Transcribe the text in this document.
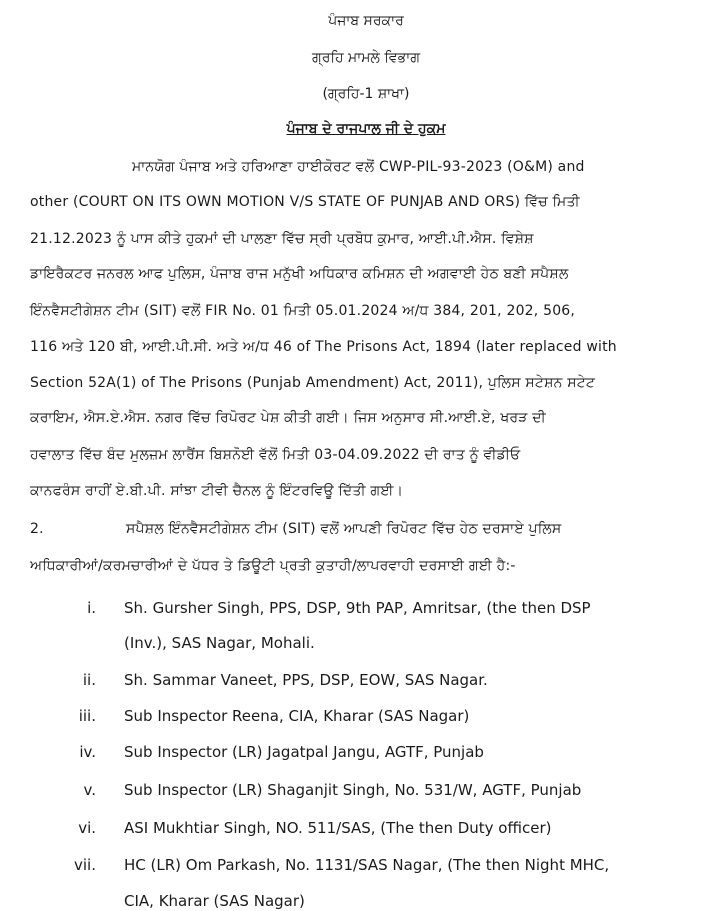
ਪੰਜਾਬ ਸਰਕਾਰ
ਗ੍ਰਹਿ ਮਾਮਲੇ ਵਿਭਾਗ
(ਗ੍ਰਹਿ-1 ਸ਼ਾਖਾ)
ਪੰਜਾਬ ਦੇ ਰਾਜਪਾਲ ਜੀ ਦੇ ਹੁਕਮ
ਮਾਨਯੋਗ ਪੰਜਾਬ ਅਤੇ ਹਰਿਆਣਾ ਹਾਈਕੋਰਟ ਵਲੋਂ CWP-PIL-93-2023 (O&M) and
other (COURT ON ITS OWN MOTION V/S STATE OF PUNJAB AND ORS) ਵਿੱਚ ਮਿਤੀ
21.12.2023 ਨੂੰ ਪਾਸ ਕੀਤੇ ਹੁਕਮਾਂ ਦੀ ਪਾਲਣਾ ਵਿੱਚ ਸ੍ਰੀ ਪ੍ਰਬੋਧ ਕੁਮਾਰ, ਆਈ.ਪੀ.ਐਸ. ਵਿਸ਼ੇਸ਼
ਡਾਇਰੈਕਟਰ ਜਨਰਲ ਆਫ ਪੁਲਿਸ, ਪੰਜਾਬ ਰਾਜ ਮਨੁੱਖੀ ਅਧਿਕਾਰ ਕਮਿਸ਼ਨ ਦੀ ਅਗਵਾਈ ਹੇਠ ਬਣੀ ਸਪੈਸ਼ਲ
ਇੰਨਵੈਸਟੀਗੇਸ਼ਨ ਟੀਮ (SIT) ਵਲੋਂ FIR No. 01 ਮਿਤੀ 05.01.2024 ਅ/ਧ 384, 201, 202, 506,
116 ਅਤੇ 120 ਬੀ, ਆਈ.ਪੀ.ਸੀ. ਅਤੇ ਅ/ਧ 46 of The Prisons Act, 1894 (later replaced with
Section 52A(1) of The Prisons (Punjab Amendment) Act, 2011), ਪੁਲਿਸ ਸਟੇਸ਼ਨ ਸਟੇਟ
ਕਰਾਇਮ, ਐਸ.ਏ.ਐਸ. ਨਗਰ ਵਿੱਚ ਰਿਪੋਰਟ ਪੇਸ਼ ਕੀਤੀ ਗਈ। ਜਿਸ ਅਨੁਸਾਰ ਸੀ.ਆਈ.ਏ, ਖਰੜ ਦੀ
ਹਵਾਲਾਤ ਵਿੱਚ ਬੰਦ ਮੁਲਜ਼ਮ ਲਾਰੈਂਸ ਬਿਸ਼ਨੋਈ ਵੱਲੋਂ ਮਿਤੀ 03-04.09.2022 ਦੀ ਰਾਤ ਨੂੰ ਵੀਡੀਓ
ਕਾਨਫਰੰਸ ਰਾਹੀਂ ਏ.ਬੀ.ਪੀ. ਸਾਂਝਾ ਟੀਵੀ ਚੈਨਲ ਨੂੰ ਇੰਟਰਵਿਊ ਦਿੱਤੀ ਗਈ।
2.	ਸਪੈਸ਼ਲ ਇੰਨਵੈਸਟੀਗੇਸ਼ਨ ਟੀਮ (SIT) ਵਲੋਂ ਆਪਣੀ ਰਿਪੋਰਟ ਵਿੱਚ ਹੇਠ ਦਰਸਾਏ ਪੁਲਿਸ
ਅਧਿਕਾਰੀਆਂ/ਕਰਮਚਾਰੀਆਂ ਦੇ ਪੱਧਰ ਤੇ ਡਿਊਟੀ ਪ੍ਰਤੀ ਕੁਤਾਹੀ/ਲਾਪਰਵਾਹੀ ਦਰਸਾਈ ਗਈ ਹੈ:-
i. Sh. Gursher Singh, PPS, DSP, 9th PAP, Amritsar, (the then DSP
(Inv.), SAS Nagar, Mohali.
ii. Sh. Sammar Vaneet, PPS, DSP, EOW, SAS Nagar.
iii. Sub Inspector Reena, CIA, Kharar (SAS Nagar)
iv. Sub Inspector (LR) Jagatpal Jangu, AGTF, Punjab
v. Sub Inspector (LR) Shaganjit Singh, No. 531/W, AGTF, Punjab
vi. ASI Mukhtiar Singh, NO. 511/SAS, (The then Duty officer)
vii. HC (LR) Om Parkash, No. 1131/SAS Nagar, (The then Night MHC,
CIA, Kharar (SAS Nagar)
